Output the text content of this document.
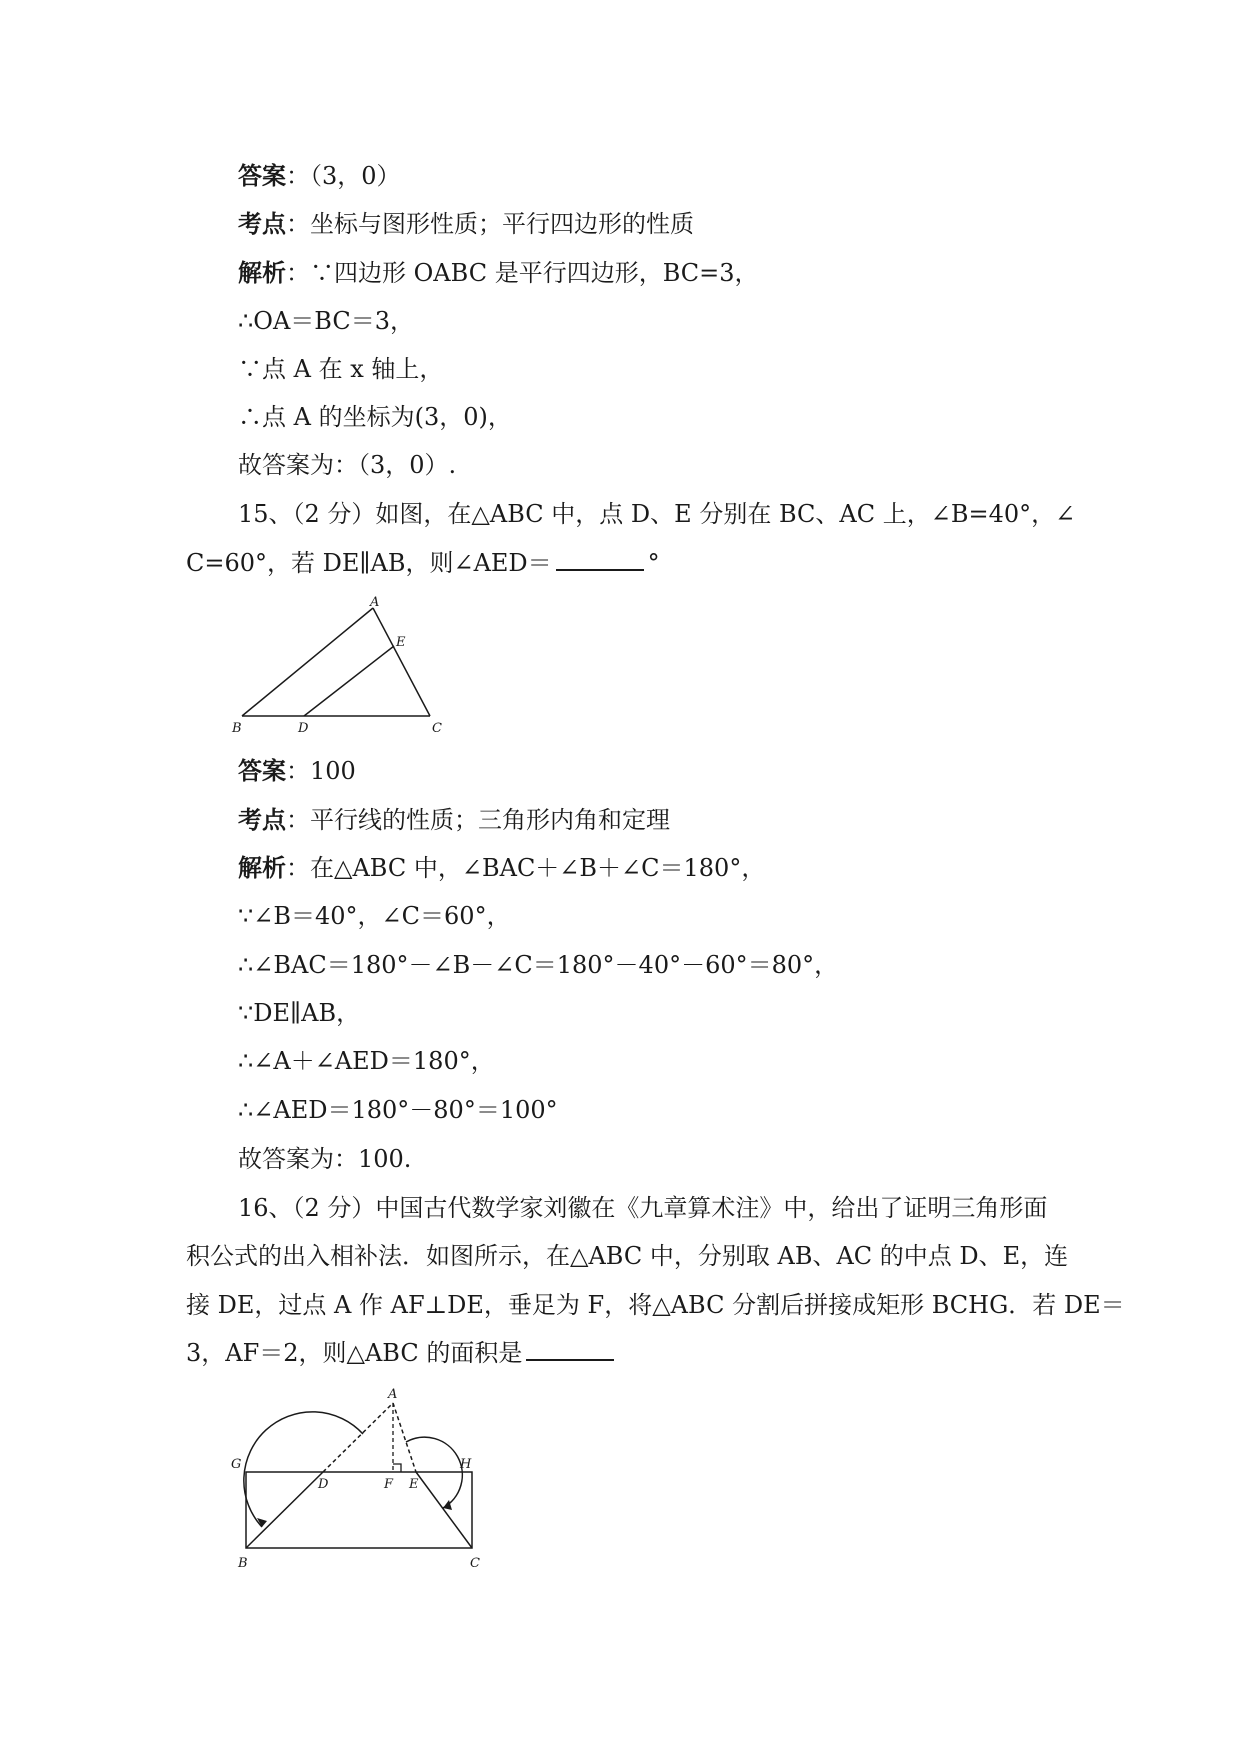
答案：（3，0）
考点：坐标与图形性质；平行四边形的性质
解析：∵四边形 OABC 是平行四边形，BC=3，
∴OA＝BC＝3，
∵点 A 在 x 轴上，
∴点 A 的坐标为(3，0)，
故答案为：（3，0）.
15、（2 分）如图，在△ABC 中，点 D、E 分别在 BC、AC 上，∠B=40°，∠
C=60°，若 DE∥AB，则∠AED＝	°
A
B	C
D
E
答案：100
考点：平行线的性质；三角形内角和定理
解析：在△ABC 中，∠BAC＋∠B＋∠C＝180°，
∵∠B＝40°，∠C＝60°，
∴∠BAC＝180°－∠B－∠C＝180°－40°－60°＝80°，
∵DE∥AB，
∴∠A＋∠AED＝180°，
∴∠AED＝180°－80°＝100°
故答案为：100.
16、（2 分）中国古代数学家刘徽在《九章算术注》中，给出了证明三角形面
积公式的出入相补法．如图所示，在△ABC 中，分别取 AB、AC 的中点 D、E，连
接 DE，过点 A 作 AF⊥DE，垂足为 F，将△ABC 分割后拼接成矩形 BCHG．若 DE＝
3，AF＝2，则△ABC 的面积是
A
B	C
D	E
F
G	H
